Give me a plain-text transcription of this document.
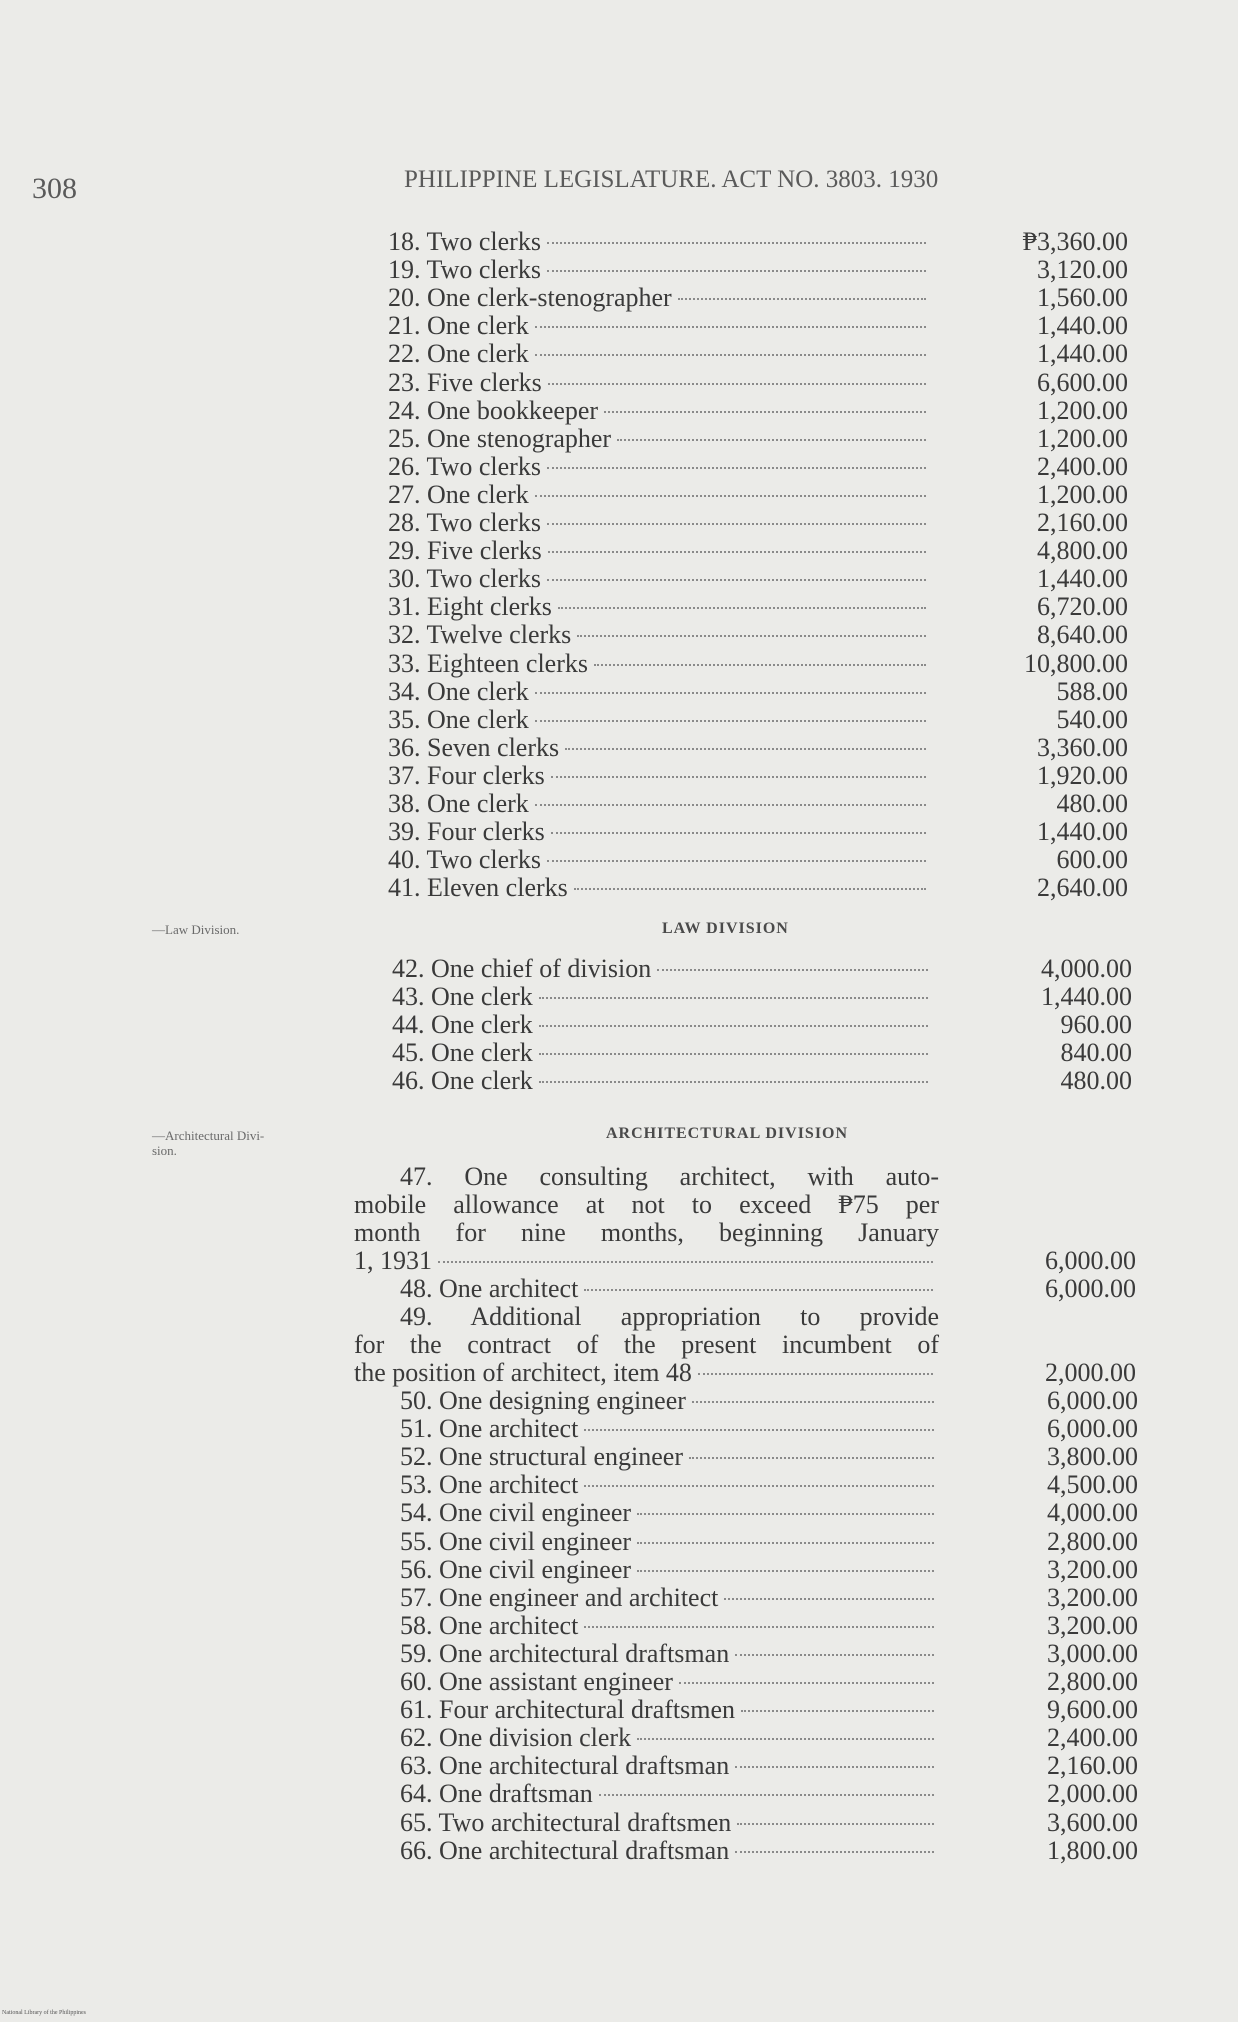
308	PHILIPPINE LEGISLATURE. ACT NO. 3803. 1930
18. Two clerks	₱3,360.00
19. Two clerks	3,120.00
20. One clerk-stenographer	1,560.00
21. One clerk	1,440.00
22. One clerk	1,440.00
23. Five clerks	6,600.00
24. One bookkeeper	1,200.00
25. One stenographer	1,200.00
26. Two clerks	2,400.00
27. One clerk	1,200.00
28. Two clerks	2,160.00
29. Five clerks	4,800.00
30. Two clerks	1,440.00
31. Eight clerks	6,720.00
32. Twelve clerks	8,640.00
33. Eighteen clerks	10,800.00
34. One clerk	588.00
35. One clerk	540.00
36. Seven clerks	3,360.00
37. Four clerks	1,920.00
38. One clerk	480.00
39. Four clerks	1,440.00
40. Two clerks	600.00
41. Eleven clerks	2,640.00
—Law Division.	LAW DIVISION
42. One chief of division	4,000.00
43. One clerk	1,440.00
44. One clerk	960.00
45. One clerk	840.00
46. One clerk	480.00
—Architectural Divi-
sion.
ARCHITECTURAL DIVISION
47. One consulting architect, with auto-
mobile allowance at not to exceed ₱75 per
month for nine months, beginning January
1, 1931	6,000.00
48. One architect	6,000.00
49. Additional appropriation to provide
for the contract of the present incumbent of
the position of architect, item 48	2,000.00
50. One designing engineer	6,000.00
51. One architect	6,000.00
52. One structural engineer	3,800.00
53. One architect	4,500.00
54. One civil engineer	4,000.00
55. One civil engineer	2,800.00
56. One civil engineer	3,200.00
57. One engineer and architect	3,200.00
58. One architect	3,200.00
59. One architectural draftsman	3,000.00
60. One assistant engineer	2,800.00
61. Four architectural draftsmen	9,600.00
62. One division clerk	2,400.00
63. One architectural draftsman	2,160.00
64. One draftsman	2,000.00
65. Two architectural draftsmen	3,600.00
66. One architectural draftsman	1,800.00
National Library of the Philippines
